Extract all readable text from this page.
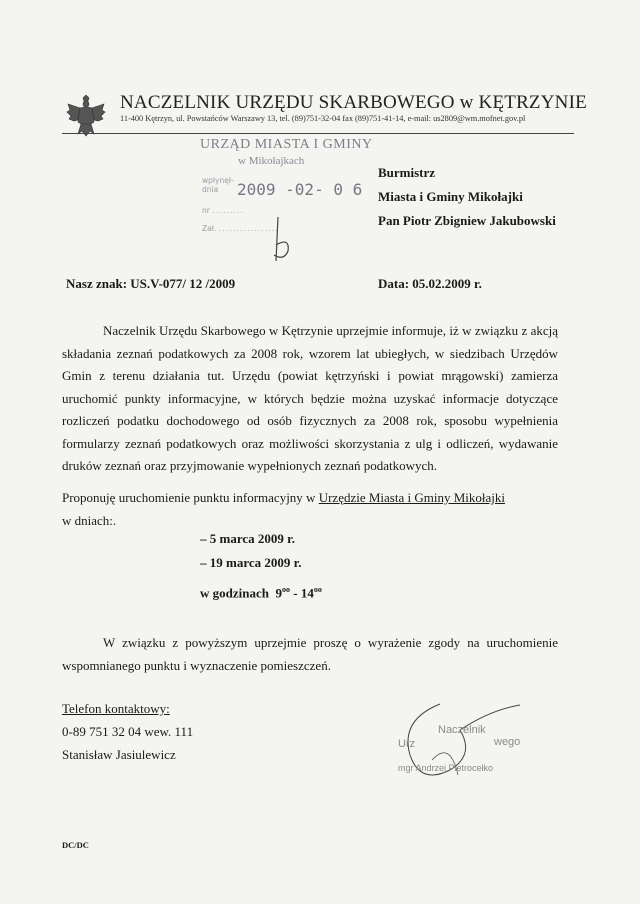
NACZELNIK URZĘDU SKARBOWEGO w KĘTRZYNIE
11-400 Kętrzyn, ul. Powstańców Warszawy 13, tel. (89)751-32-04 fax (89)751-41-14, e-mail: us2809@wm.mofnet.gov.pl
URZĄD MIASTA I GMINY
w Mikołajkach
wpłynęł-
dnia	2009 -02- 0 6
nr .........
Zał. .................
Burmistrz
Miasta i Gminy Mikołajki
Pan Piotr Zbigniew Jakubowski
Nasz znak: US.V-077/ 12 /2009	Data: 05.02.2009 r.
Naczelnik Urzędu Skarbowego w Kętrzynie uprzejmie informuje, iż w związku z akcją składania zeznań podatkowych za 2008 rok, wzorem lat ubiegłych, w siedzibach Urzędów Gmin z terenu działania tut. Urzędu (powiat kętrzyński i powiat mrągowski) zamierza uruchomić punkty informacyjne, w których będzie można uzyskać informacje dotyczące rozliczeń podatku dochodowego od osób fizycznych za 2008 rok, sposobu wypełnienia formularzy zeznań podatkowych oraz możliwości skorzystania z ulg i odliczeń, wydawanie druków zeznań oraz przyjmowanie wypełnionych zeznań podatkowych.
Proponuję uruchomienie punktu informacyjny w Urzędzie Miasta i Gminy Mikołajki
w dniach:.
– 5 marca 2009 r.
– 19 marca 2009 r.
w godzinach $9^{oo} - 14^{oo}$
W związku z powyższym uprzejmie proszę o wyrażenie zgody na uruchomienie wspomnianego punktu i wyznaczenie pomieszczeń.
Telefon kontaktowy:
0-89 751 32 04 wew. 111
Stanisław Jasiulewicz
Naczelnik
Urz	wego
mgr Andrzej Pietrocełko
DC/DC
